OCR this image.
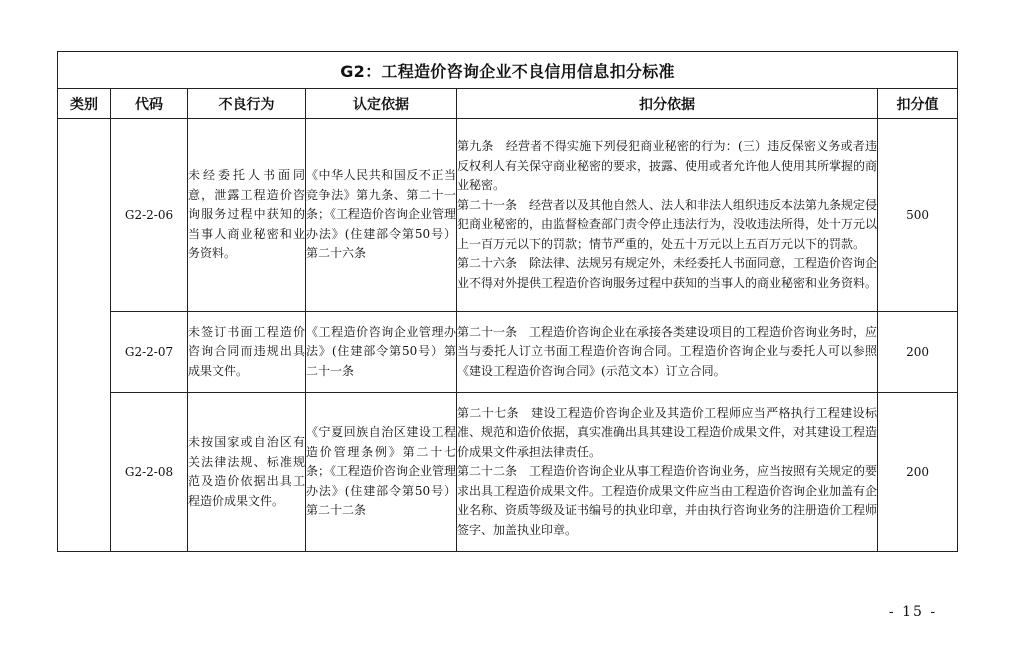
G2：工程造价咨询企业不良信用信息扣分标准					
类别	代码	不良行为	认定依据	扣分依据	扣分值
	G2-2-06	未经委托人书面同意，泄露工程造价咨询服务过程中获知的当事人商业秘密和业务资料。	《中华人民共和国反不正当竞争法》第九条、第二十一条；《工程造价咨询企业管理办法》(住建部令第50号）第二十六条	第九条　经营者不得实施下列侵犯商业秘密的行为：(三）违反保密义务或者违反权利人有关保守商业秘密的要求，披露、使用或者允许他人使用其所掌握的商业秘密。

第二十一条　经营者以及其他自然人、法人和非法人组织违反本法第九条规定侵犯商业秘密的，由监督检查部门责令停止违法行为，没收违法所得，处十万元以上一百万元以下的罚款；情节严重的，处五十万元以上五百万元以下的罚款。

第二十六条　除法律、法规另有规定外，未经委托人书面同意，工程造价咨询企业不得对外提供工程造价咨询服务过程中获知的当事人的商业秘密和业务资料。	500
	G2-2-07	未签订书面工程造价咨询合同而违规出具成果文件。	《工程造价咨询企业管理办法》(住建部令第50号）第二十一条	第二十一条　工程造价咨询企业在承接各类建设项目的工程造价咨询业务时，应当与委托人订立书面工程造价咨询合同。工程造价咨询企业与委托人可以参照《建设工程造价咨询合同》(示范文本）订立合同。	200
	G2-2-08	未按国家或自治区有关法律法规、标准规范及造价依据出具工程造价成果文件。	《宁夏回族自治区建设工程造价管理条例》第二十七条；《工程造价咨询企业管理办法》(住建部令第50号）第二十二条	第二十七条　建设工程造价咨询企业及其造价工程师应当严格执行工程建设标准、规范和造价依据，真实准确出具其建设工程造价成果文件，对其建设工程造价成果文件承担法律责任。

第二十二条　工程造价咨询企业从事工程造价咨询业务，应当按照有关规定的要求出具工程造价成果文件。工程造价成果文件应当由工程造价咨询企业加盖有企业名称、资质等级及证书编号的执业印章，并由执行咨询业务的注册造价工程师签字、加盖执业印章。	200
- 15 -
